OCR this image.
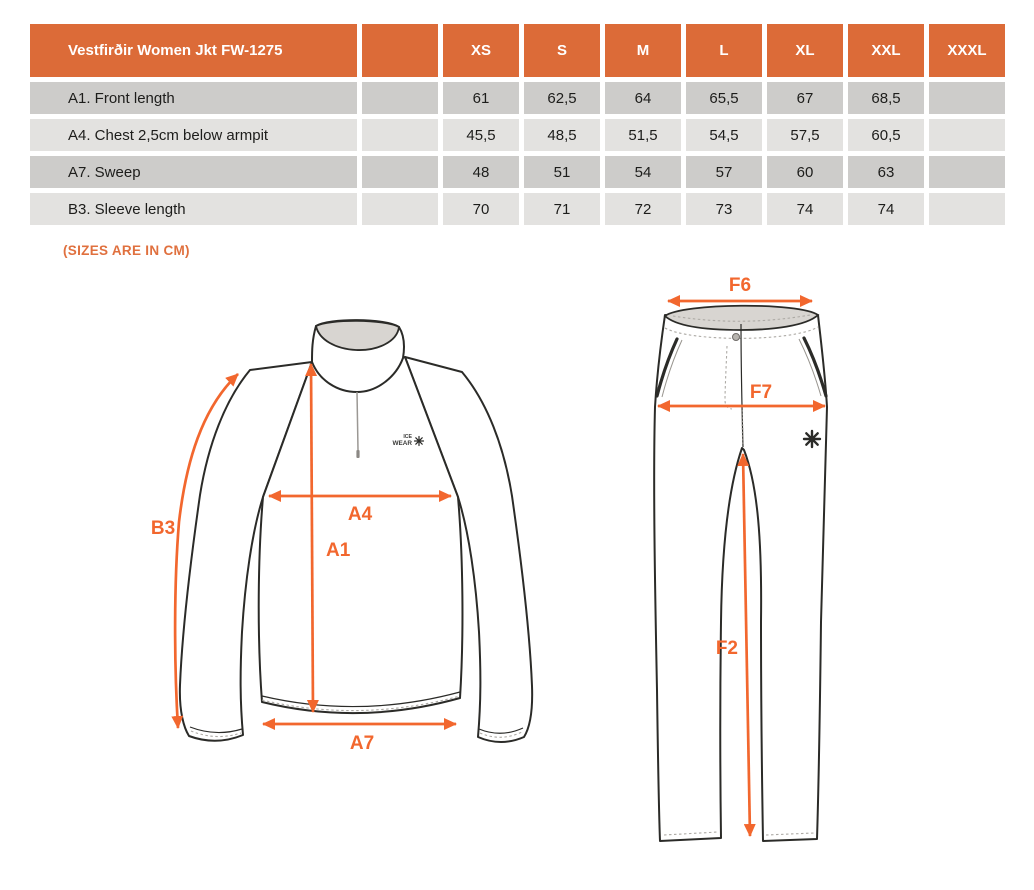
Vestfirðir Women Jkt FW-1275	XS	S	M	L	XL	XXL	XXXL
A1. Front length	61	62,5	64	65,5	67	68,5
A4. Chest 2,5cm below armpit	45,5	48,5	51,5	54,5	57,5	60,5
A7. Sweep	48	51	54	57	60	63
B3. Sleeve length	70	71	72	73	74	74
(SIZES ARE IN CM)
ICE
WEAR
B3
A4
A1
A7
F6
F7
F2
